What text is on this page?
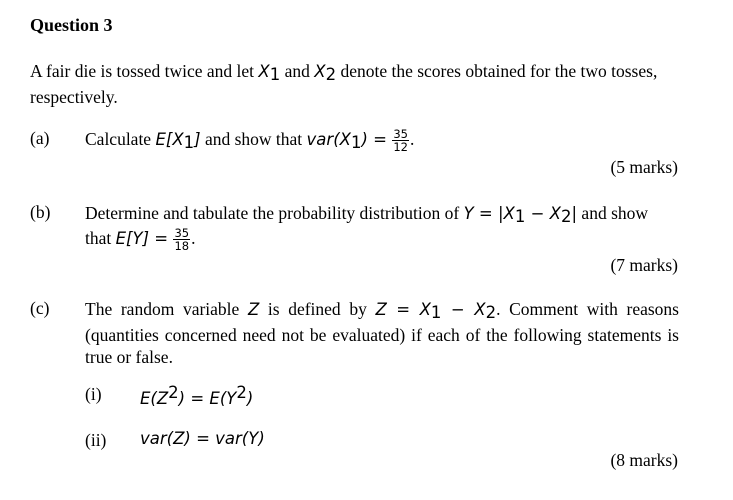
Question 3
A fair die is tossed twice and let $X_1$ and $X_2$ denote the scores obtained for the two tosses, respectively.
(a) Calculate $E[X_1]$ and show that $var(X_1) = \frac{35}{12}$ .
(5 marks)
(b) Determine and tabulate the probability distribution of $Y = |X_1 - X_2|$ and show
that $E[Y] = \frac{35}{18}$ .
(7 marks)
(c) The random variable Z is defined by $Z = X_1 - X_2$. Comment with reasons (quantities concerned need not be evaluated) if each of the following statements is true or false.
(i) $E(Z^2) = E(Y^2)$
(ii) var(Z) = var(Y)
(8 marks)
